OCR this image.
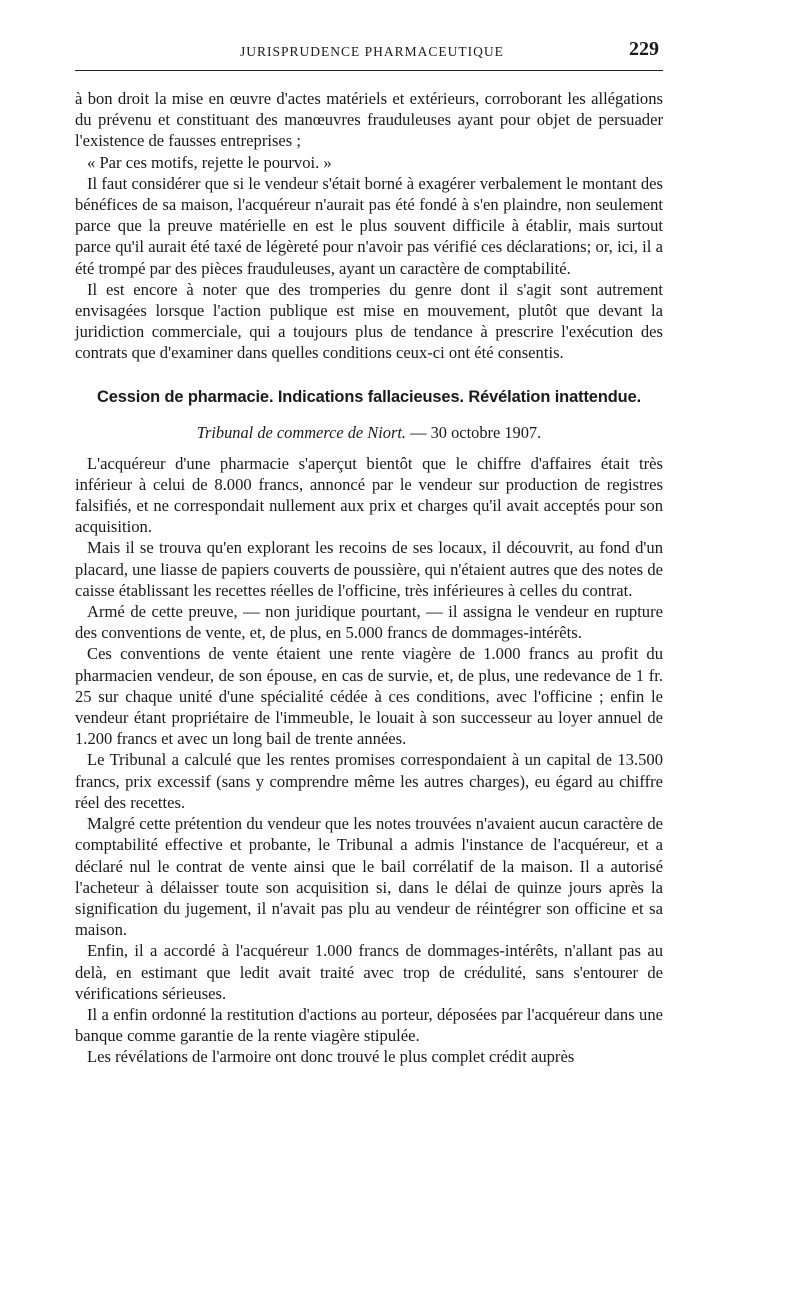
JURISPRUDENCE PHARMACEUTIQUE	229

à bon droit la mise en œuvre d'actes matériels et extérieurs, corroborant les allégations du prévenu et constituant des manœuvres frauduleuses ayant pour objet de persuader l'existence de fausses entreprises ;

« Par ces motifs, rejette le pourvoi. »

Il faut considérer que si le vendeur s'était borné à exagérer verbalement le montant des bénéfices de sa maison, l'acquéreur n'aurait pas été fondé à s'en plaindre, non seulement parce que la preuve matérielle en est le plus souvent difficile à établir, mais surtout parce qu'il aurait été taxé de légèreté pour n'avoir pas vérifié ces déclarations; or, ici, il a été trompé par des pièces frauduleuses, ayant un caractère de comptabilité.

Il est encore à noter que des tromperies du genre dont il s'agit sont autrement envisagées lorsque l'action publique est mise en mouvement, plutôt que devant la juridiction commerciale, qui a toujours plus de tendance à prescrire l'exécution des contrats que d'examiner dans quelles conditions ceux-ci ont été consentis.

Cession de pharmacie. Indications fallacieuses. Révélation inattendue.

Tribunal de commerce de Niort. — 30 octobre 1907.

L'acquéreur d'une pharmacie s'aperçut bientôt que le chiffre d'affaires était très inférieur à celui de 8.000 francs, annoncé par le vendeur sur production de registres falsifiés, et ne correspondait nullement aux prix et charges qu'il avait acceptés pour son acquisition.

Mais il se trouva qu'en explorant les recoins de ses locaux, il découvrit, au fond d'un placard, une liasse de papiers couverts de poussière, qui n'étaient autres que des notes de caisse établissant les recettes réelles de l'officine, très inférieures à celles du contrat.

Armé de cette preuve, — non juridique pourtant, — il assigna le vendeur en rupture des conventions de vente, et, de plus, en 5.000 francs de dommages-intérêts.

Ces conventions de vente étaient une rente viagère de 1.000 francs au profit du pharmacien vendeur, de son épouse, en cas de survie, et, de plus, une redevance de 1 fr. 25 sur chaque unité d'une spécialité cédée à ces conditions, avec l'officine ; enfin le vendeur étant propriétaire de l'immeuble, le louait à son successeur au loyer annuel de 1.200 francs et avec un long bail de trente années.

Le Tribunal a calculé que les rentes promises correspondaient à un capital de 13.500 francs, prix excessif (sans y comprendre même les autres charges), eu égard au chiffre réel des recettes.

Malgré cette prétention du vendeur que les notes trouvées n'avaient aucun caractère de comptabilité effective et probante, le Tribunal a admis l'instance de l'acquéreur, et a déclaré nul le contrat de vente ainsi que le bail corrélatif de la maison. Il a autorisé l'acheteur à délaisser toute son acquisition si, dans le délai de quinze jours après la signification du jugement, il n'avait pas plu au vendeur de réintégrer son officine et sa maison.

Enfin, il a accordé à l'acquéreur 1.000 francs de dommages-intérêts, n'allant pas au delà, en estimant que ledit avait traité avec trop de crédulité, sans s'entourer de vérifications sérieuses.

Il a enfin ordonné la restitution d'actions au porteur, déposées par l'acquéreur dans une banque comme garantie de la rente viagère stipulée.

Les révélations de l'armoire ont donc trouvé le plus complet crédit auprès
